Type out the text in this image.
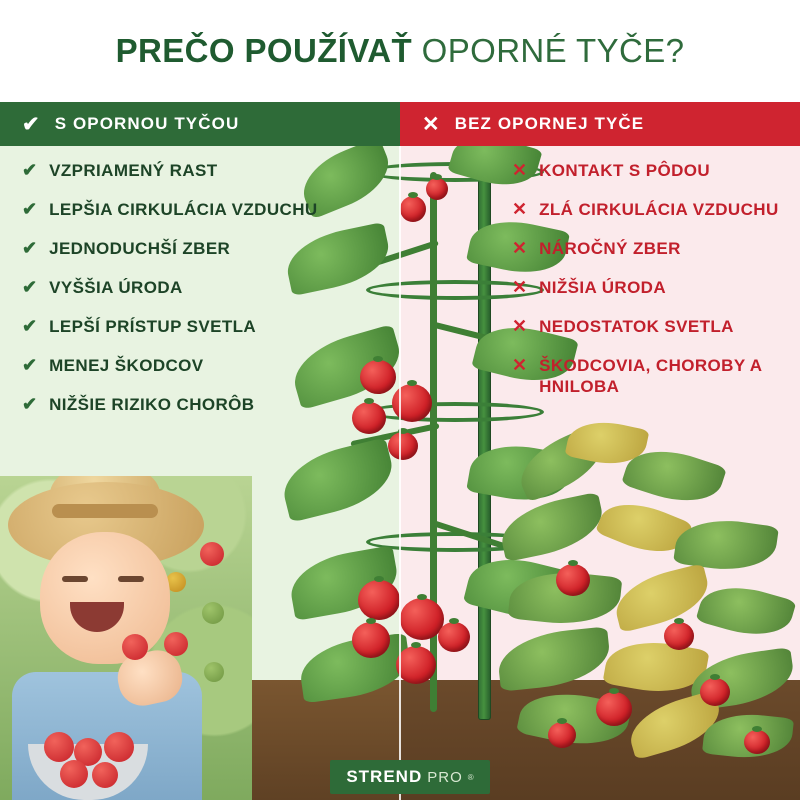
PREČO POUŽÍVAŤ OPORNÉ TYČE?
✔ S OPORNOU TYČOU	✕ BEZ OPORNEJ TYČE
✔ VZPRIAMENÝ RAST
✔ LEPŠIA CIRKULÁCIA VZDUCHU
✔ JEDNODUCHŠÍ ZBER
✔ VYŠŠIA ÚRODA
✔ LEPŠÍ PRÍSTUP SVETLA
✔ MENEJ ŠKODCOV
✔ NIŽŠIE RIZIKO CHORÔB
✕ KONTAKT S PÔDOU
✕ ZLÁ CIRKULÁCIA VZDUCHU
✕ NÁROČNÝ ZBER
✕ NIŽŠIA ÚRODA
✕ NEDOSTATOK SVETLA
✕ ŠKODCOVIA, CHOROBY A HNILOBA
STREND PRO ®
